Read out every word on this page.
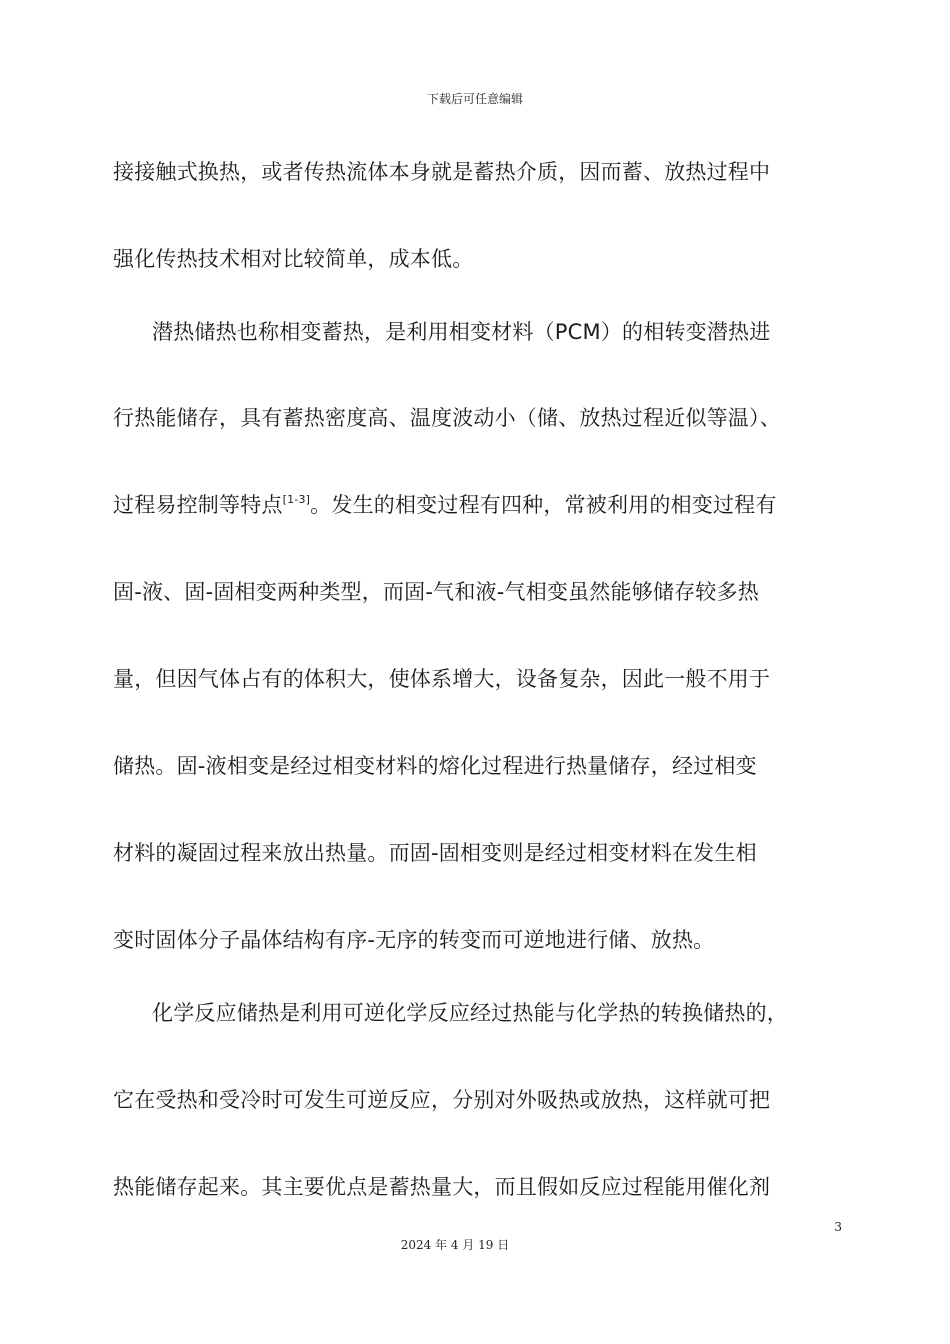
下载后可任意编辑
接接触式换热，或者传热流体本身就是蓄热介质，因而蓄、放热过程中
强化传热技术相对比较简单，成本低。
潜热储热也称相变蓄热，是利用相变材料（PCM）的相转变潜热进
行热能储存，具有蓄热密度高、温度波动小（储、放热过程近似等温）、
过程易控制等特点[1-3]。发生的相变过程有四种，常被利用的相变过程有
固-液、固-固相变两种类型，而固-气和液-气相变虽然能够储存较多热
量，但因气体占有的体积大，使体系增大，设备复杂，因此一般不用于
储热。固-液相变是经过相变材料的熔化过程进行热量储存，经过相变
材料的凝固过程来放出热量。而固-固相变则是经过相变材料在发生相
变时固体分子晶体结构有序-无序的转变而可逆地进行储、放热。
化学反应储热是利用可逆化学反应经过热能与化学热的转换储热的，
它在受热和受冷时可发生可逆反应，分别对外吸热或放热，这样就可把
热能储存起来。其主要优点是蓄热量大，而且假如反应过程能用催化剂
3
2024 年 4 月 19 日
